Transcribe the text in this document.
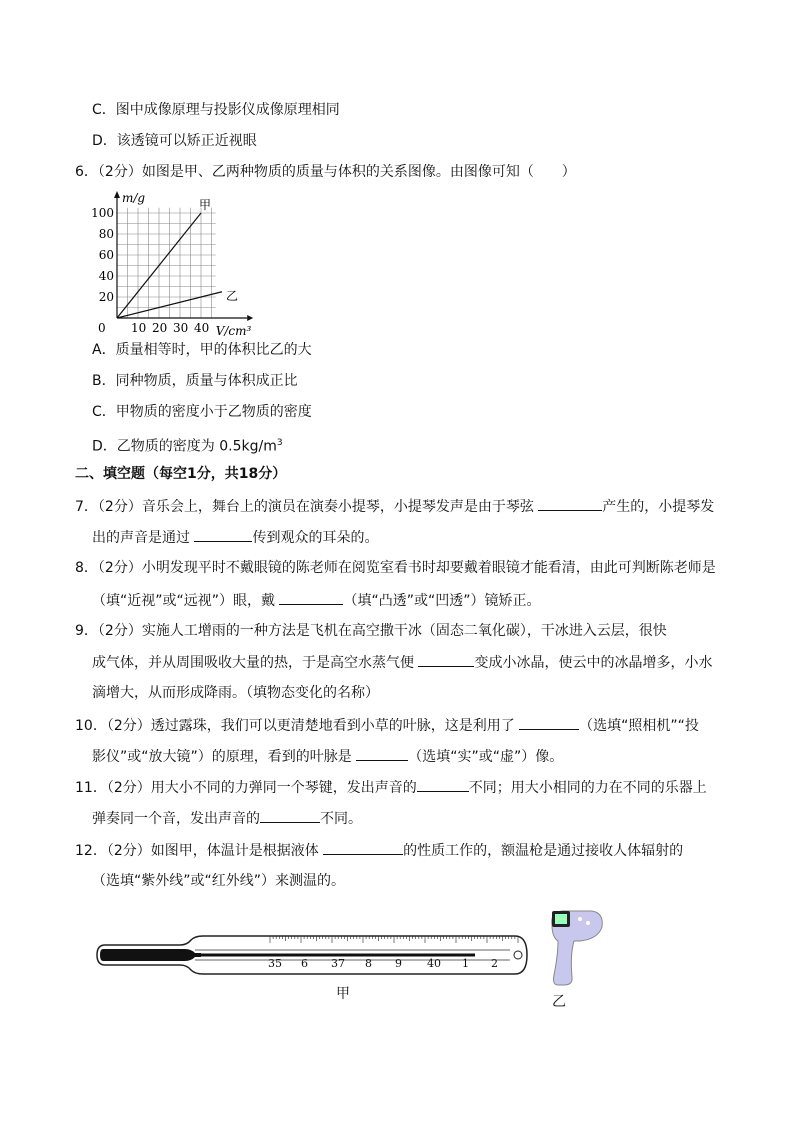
C．图中成像原理与投影仪成像原理相同
D．该透镜可以矫正近视眼
6．（2分）如图是甲、乙两种物质的质量与体积的关系图像。由图像可知（　　）
甲
乙
0 10 20 30 40
20
40
60
80
100
m/g
V/cm³
A．质量相等时，甲的体积比乙的大
B．同种物质，质量与体积成正比
C．甲物质的密度小于乙物质的密度
D．乙物质的密度为 $0.5kg/m^3$
二、填空题（每空1分，共18分）
7．（2分）音乐会上，舞台上的演员在演奏小提琴，小提琴发声是由于琴弦	产生的，小提琴发
出的声音是通过	传到观众的耳朵的。
8．（2分）小明发现平时不戴眼镜的陈老师在阅览室看书时却要戴着眼镜才能看清，由此可判断陈老师是
（填“近视”或“远视”）眼，戴	（填“凸透”或“凹透”）镜矫正。
9．（2分）实施人工增雨的一种方法是飞机在高空撒干冰（固态二氧化碳），干冰进入云层，很快
成气体，并从周围吸收大量的热，于是高空水蒸气便	变成小冰晶，使云中的冰晶增多，小水
滴增大，从而形成降雨。（填物态变化的名称）
10．（2分）透过露珠，我们可以更清楚地看到小草的叶脉，这是利用了	（选填“照相机”“投
影仪”或“放大镜”）的原理，看到的叶脉是	（选填“实”或“虚”）像。
11．（2分）用大小不同的力弹同一个琴键，发出声音的	不同；用大小相同的力在不同的乐器上
弹奏同一个音，发出声音的	不同。
12．（2分）如图甲，体温计是根据液体	的性质工作的，额温枪是通过接收人体辐射的
（选填“紫外线”或“红外线”）来测温的。
35 6 37 8 9 40 1 2
甲	乙
